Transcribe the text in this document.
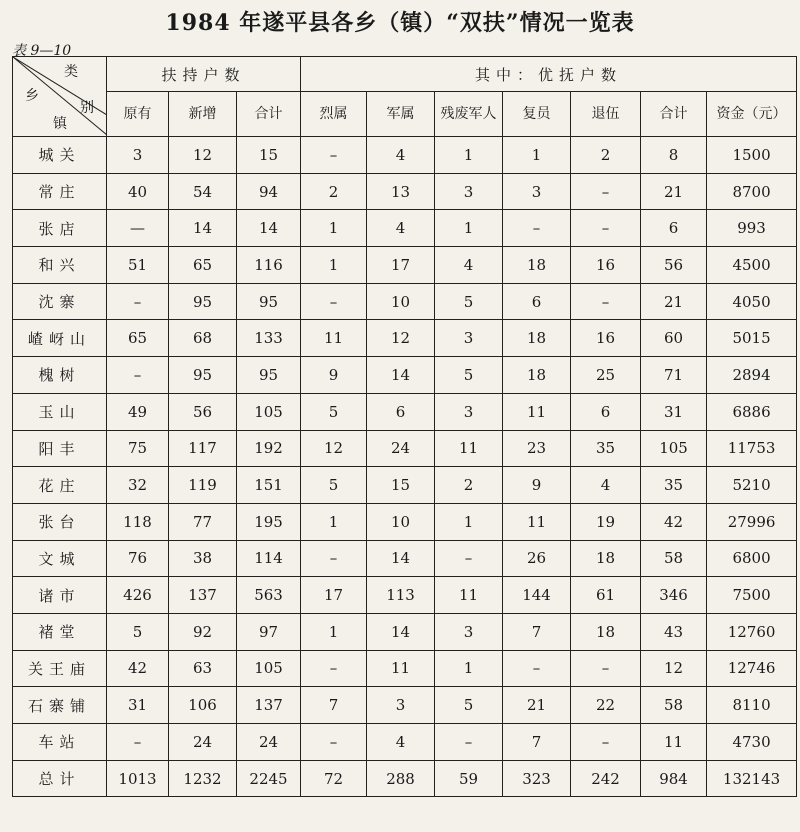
1984 年遂平县各乡（镇）“双扶”情况一览表
表 9—10
类
别
乡
镇	扶持户数			其中：优抚户数						
	原有	新增	合计	烈属	军属	残废军人	复员	退伍	合计	资金（元）
城关	3	12	15	–	4	1	1	2	8	1500
常庄	40	54	94	2	13	3	3	–	21	8700
张店	—	14	14	1	4	1	–	–	6	993
和兴	51	65	116	1	17	4	18	16	56	4500
沈寨	–	95	95	–	10	5	6	–	21	4050
嵖岈山	65	68	133	11	12	3	18	16	60	5015
槐树	–	95	95	9	14	5	18	25	71	2894
玉山	49	56	105	5	6	3	11	6	31	6886
阳丰	75	117	192	12	24	11	23	35	105	11753
花庄	32	119	151	5	15	2	9	4	35	5210
张台	118	77	195	1	10	1	11	19	42	27996
文城	76	38	114	–	14	–	26	18	58	6800
诸市	426	137	563	17	113	11	144	61	346	7500
褚堂	5	92	97	1	14	3	7	18	43	12760
关王庙	42	63	105	–	11	1	–	–	12	12746
石寨铺	31	106	137	7	3	5	21	22	58	8110
车站	–	24	24	–	4	–	7	–	11	4730
总计	1013	1232	2245	72	288	59	323	242	984	132143
